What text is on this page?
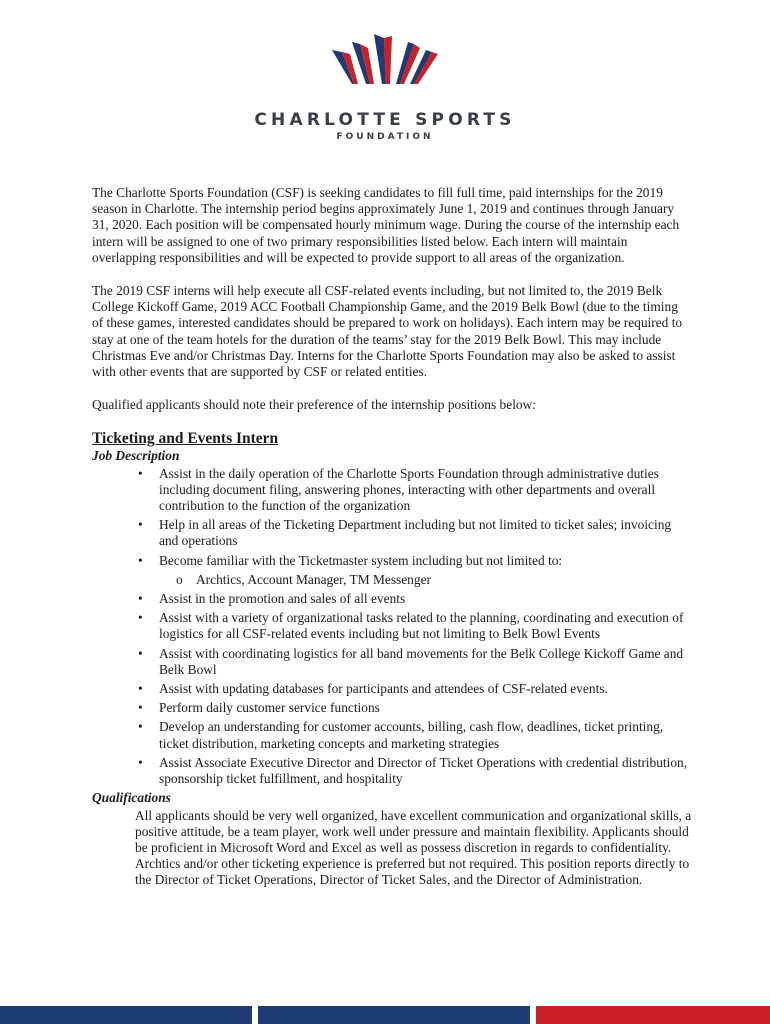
CHARLOTTE SPORTS
FOUNDATION

The Charlotte Sports Foundation (CSF) is seeking candidates to fill full time, paid internships for the 2019 season in Charlotte. The internship period begins approximately June 1, 2019 and continues through January 31, 2020. Each position will be compensated hourly minimum wage. During the course of the internship each intern will be assigned to one of two primary responsibilities listed below. Each intern will maintain overlapping responsibilities and will be expected to provide support to all areas of the organization.

The 2019 CSF interns will help execute all CSF-related events including, but not limited to, the 2019 Belk College Kickoff Game, 2019 ACC Football Championship Game, and the 2019 Belk Bowl (due to the timing of these games, interested candidates should be prepared to work on holidays). Each intern may be required to stay at one of the team hotels for the duration of the teams’ stay for the 2019 Belk Bowl. This may include Christmas Eve and/or Christmas Day. Interns for the Charlotte Sports Foundation may also be asked to assist with other events that are supported by CSF or related entities.

Qualified applicants should note their preference of the internship positions below:

Ticketing and Events Intern
Job Description
• Assist in the daily operation of the Charlotte Sports Foundation through administrative duties including document filing, answering phones, interacting with other departments and overall contribution to the function of the organization
• Help in all areas of the Ticketing Department including but not limited to ticket sales; invoicing and operations
• Become familiar with the Ticketmaster system including but not limited to:
o Archtics, Account Manager, TM Messenger
• Assist in the promotion and sales of all events
• Assist with a variety of organizational tasks related to the planning, coordinating and execution of logistics for all CSF-related events including but not limiting to Belk Bowl Events
• Assist with coordinating logistics for all band movements for the Belk College Kickoff Game and Belk Bowl
• Assist with updating databases for participants and attendees of CSF-related events.
• Perform daily customer service functions
• Develop an understanding for customer accounts, billing, cash flow, deadlines, ticket printing, ticket distribution, marketing concepts and marketing strategies
• Assist Associate Executive Director and Director of Ticket Operations with credential distribution, sponsorship ticket fulfillment, and hospitality
Qualifications
All applicants should be very well organized, have excellent communication and organizational skills, a positive attitude, be a team player, work well under pressure and maintain flexibility. Applicants should be proficient in Microsoft Word and Excel as well as possess discretion in regards to confidentiality. Archtics and/or other ticketing experience is preferred but not required. This position reports directly to the Director of Ticket Operations, Director of Ticket Sales, and the Director of Administration.
